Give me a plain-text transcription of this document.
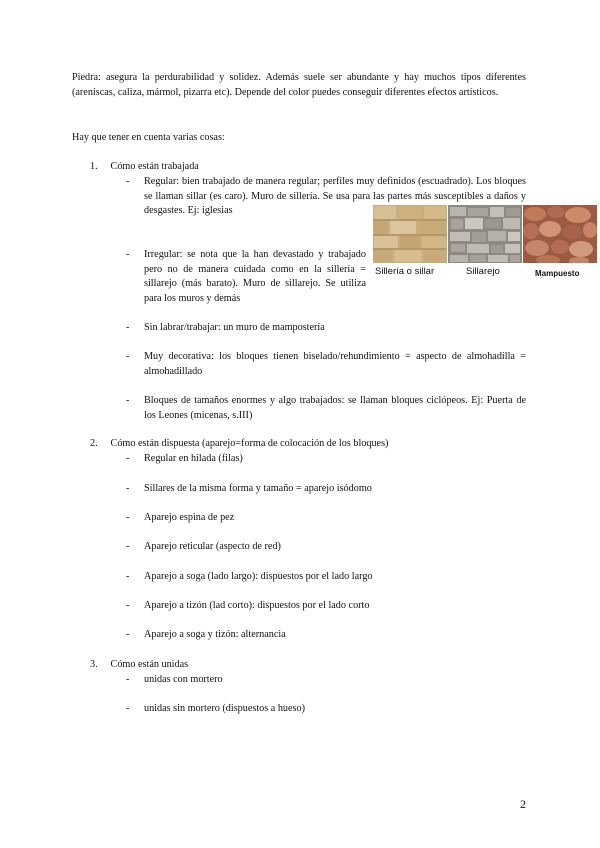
Piedra: asegura la perdurabilidad y solidez. Además suele ser abundante y hay muchos tipos diferentes (areniscas, caliza, mármol, pizarra etc). Depende del color puedes conseguir diferentes efectos artísticos.

Hay que tener en cuenta varias cosas:

1. Cómo están trabajada
- Regular: bien trabajado de manera regular; perfiles muy definidos (escuadrado). Los bloques se llaman sillar (es caro). Muro de sillería. Se usa para las partes más susceptibles a daños y desgastes. Ej: iglesias

- Irregular: se nota que la han devastado y trabajado pero no de manera cuidada como en la sillería = sillarejo (más barato). Muro de sillarejo. Se utiliza para los muros y demás

- Sin labrar/trabajar: un muro de mampostería

- Muy decorativa: los bloques tienen biselado/rehundimiento = aspecto de almohadilla = almohadillado

- Bloques de tamaños enormes y algo trabajados: se llaman bloques ciclópeos. Ej: Puerta de los Leones (micenas, s.III)

Sillería o sillar	Sillarejo	Mampuesto
2. Cómo están dispuesta (aparejo=forma de colocación de los bloques)
- Regular en hilada (filas)

- Sillares de la misma forma y tamaño = aparejo isódomo

- Aparejo espina de pez

- Aparejo reticular (aspecto de red)

- Aparejo a soga (lado largo): dispuestos por el lado largo

- Aparejo a tizón (lad corto): dispuestos por el lado corto

- Aparejo a soga y tizón: alternancia

3. Cómo están unidas
- unidas con mortero

- unidas sin mortero (dispuestos a hueso)

2
